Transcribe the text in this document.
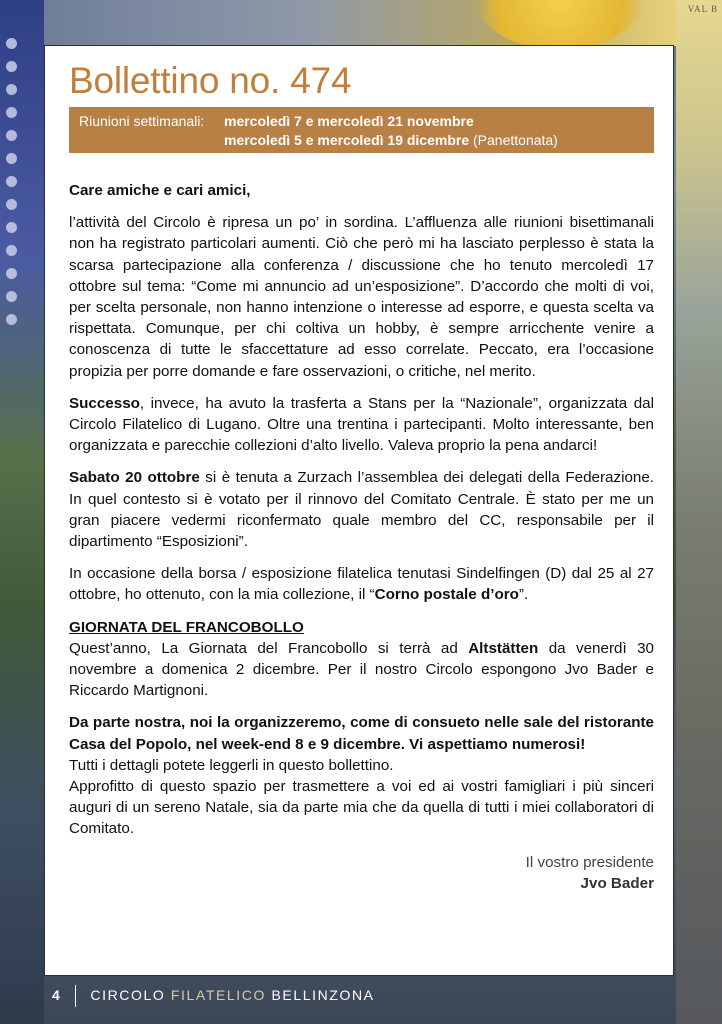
VAL B
Bollettino no. 474
Riunioni settimanali: mercoledì 7 e mercoledì 21 novembre
mercoledì 5 e mercoledì 19 dicembre (Panettonata)

Care amiche e cari amici,

l’attività del Circolo è ripresa un po’ in sordina. L’affluenza alle riunioni bisettimanali non ha registrato particolari aumenti. Ciò che però mi ha lasciato perplesso è stata la scarsa partecipazione alla conferenza / discussione che ho tenuto mercoledì 17 ottobre sul tema: “Come mi annuncio ad un’esposizione”. D’accordo che molti di voi, per scelta personale, non hanno intenzione o interesse ad esporre, e questa scelta va rispettata. Comunque, per chi coltiva un hobby, è sempre arricchente venire a conoscenza di tutte le sfaccettature ad esso correlate. Peccato, era l’occasione propizia per porre domande e fare osservazioni, o critiche, nel merito.

Successo, invece, ha avuto la trasferta a Stans per la “Nazionale”, organizzata dal Circolo Filatelico di Lugano. Oltre una trentina i partecipanti. Molto interessante, ben organizzata e parecchie collezioni d’alto livello. Valeva proprio la pena andarci!

Sabato 20 ottobre si è tenuta a Zurzach l’assemblea dei delegati della Federazione. In quel contesto si è votato per il rinnovo del Comitato Centrale. È stato per me un gran piacere vedermi riconfermato quale membro del CC, responsabile per il dipartimento “Esposizioni”.

In occasione della borsa / esposizione filatelica tenutasi Sindelfingen (D) dal 25 al 27 ottobre, ho ottenuto, con la mia collezione, il “Corno postale d’oro”.

GIORNATA DEL FRANCOBOLLO

Quest’anno, La Giornata del Francobollo si terrà ad Altstätten da venerdì 30 novembre a domenica 2 dicembre. Per il nostro Circolo espongono Jvo Bader e Riccardo Martignoni.

Da parte nostra, noi la organizzeremo, come di consueto nelle sale del ristorante Casa del Popolo, nel week-end 8 e 9 dicembre. Vi aspettiamo numerosi!

Tutti i dettagli potete leggerli in questo bollettino.

Approfitto di questo spazio per trasmettere a voi ed ai vostri famigliari i più sinceri auguri di un sereno Natale, sia da parte mia che da quella di tutti i miei collaboratori di Comitato.

Il vostro presidente
Jvo Bader
4 CIRCOLO FILATELICO BELLINZONA
